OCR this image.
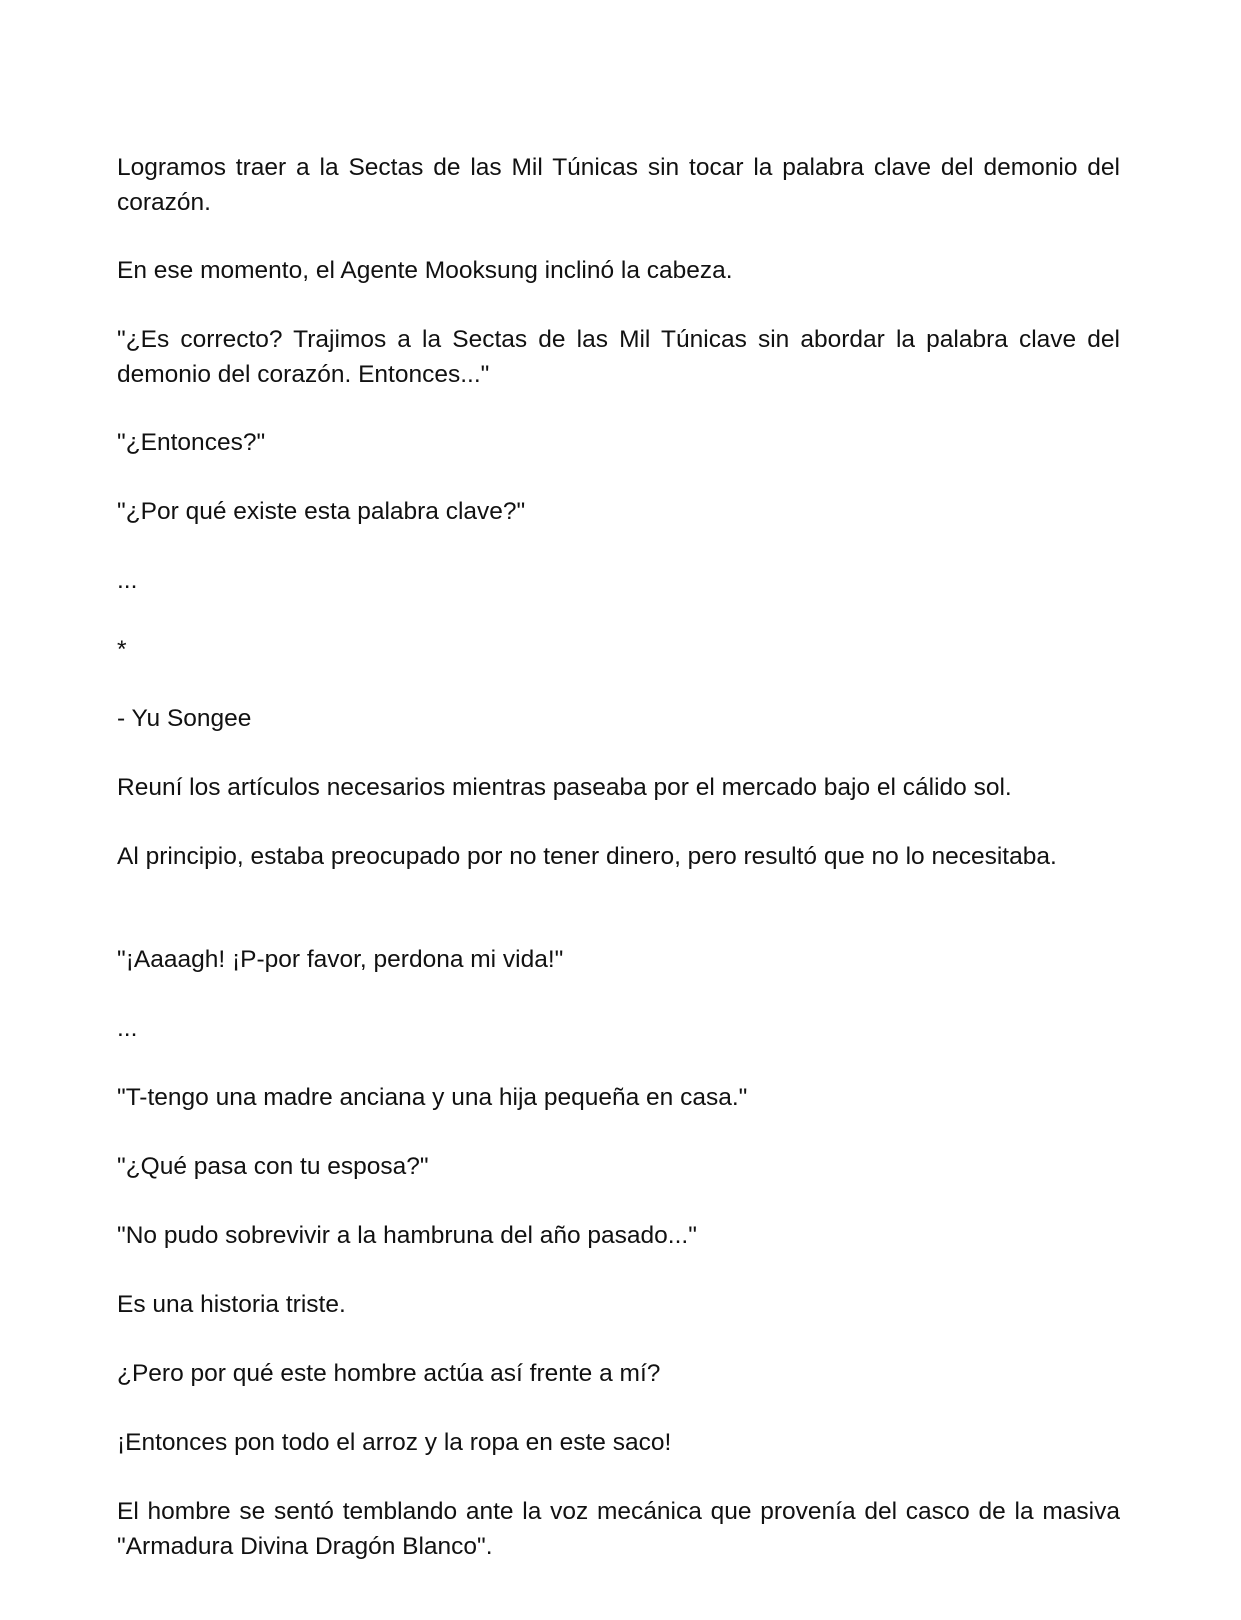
Logramos traer a la Sectas de las Mil Túnicas sin tocar la palabra clave del demonio del corazón.

En ese momento, el Agente Mooksung inclinó la cabeza.

"¿Es correcto? Trajimos a la Sectas de las Mil Túnicas sin abordar la palabra clave del demonio del corazón. Entonces..."

"¿Entonces?"

"¿Por qué existe esta palabra clave?"

...

*

- Yu Songee

Reuní los artículos necesarios mientras paseaba por el mercado bajo el cálido sol.

Al principio, estaba preocupado por no tener dinero, pero resultó que no lo necesitaba.

"¡Aaaagh! ¡P-por favor, perdona mi vida!"

...

"T-tengo una madre anciana y una hija pequeña en casa."

"¿Qué pasa con tu esposa?"

"No pudo sobrevivir a la hambruna del año pasado..."

Es una historia triste.

¿Pero por qué este hombre actúa así frente a mí?

¡Entonces pon todo el arroz y la ropa en este saco!

El hombre se sentó temblando ante la voz mecánica que provenía del casco de la masiva "Armadura Divina Dragón Blanco".
